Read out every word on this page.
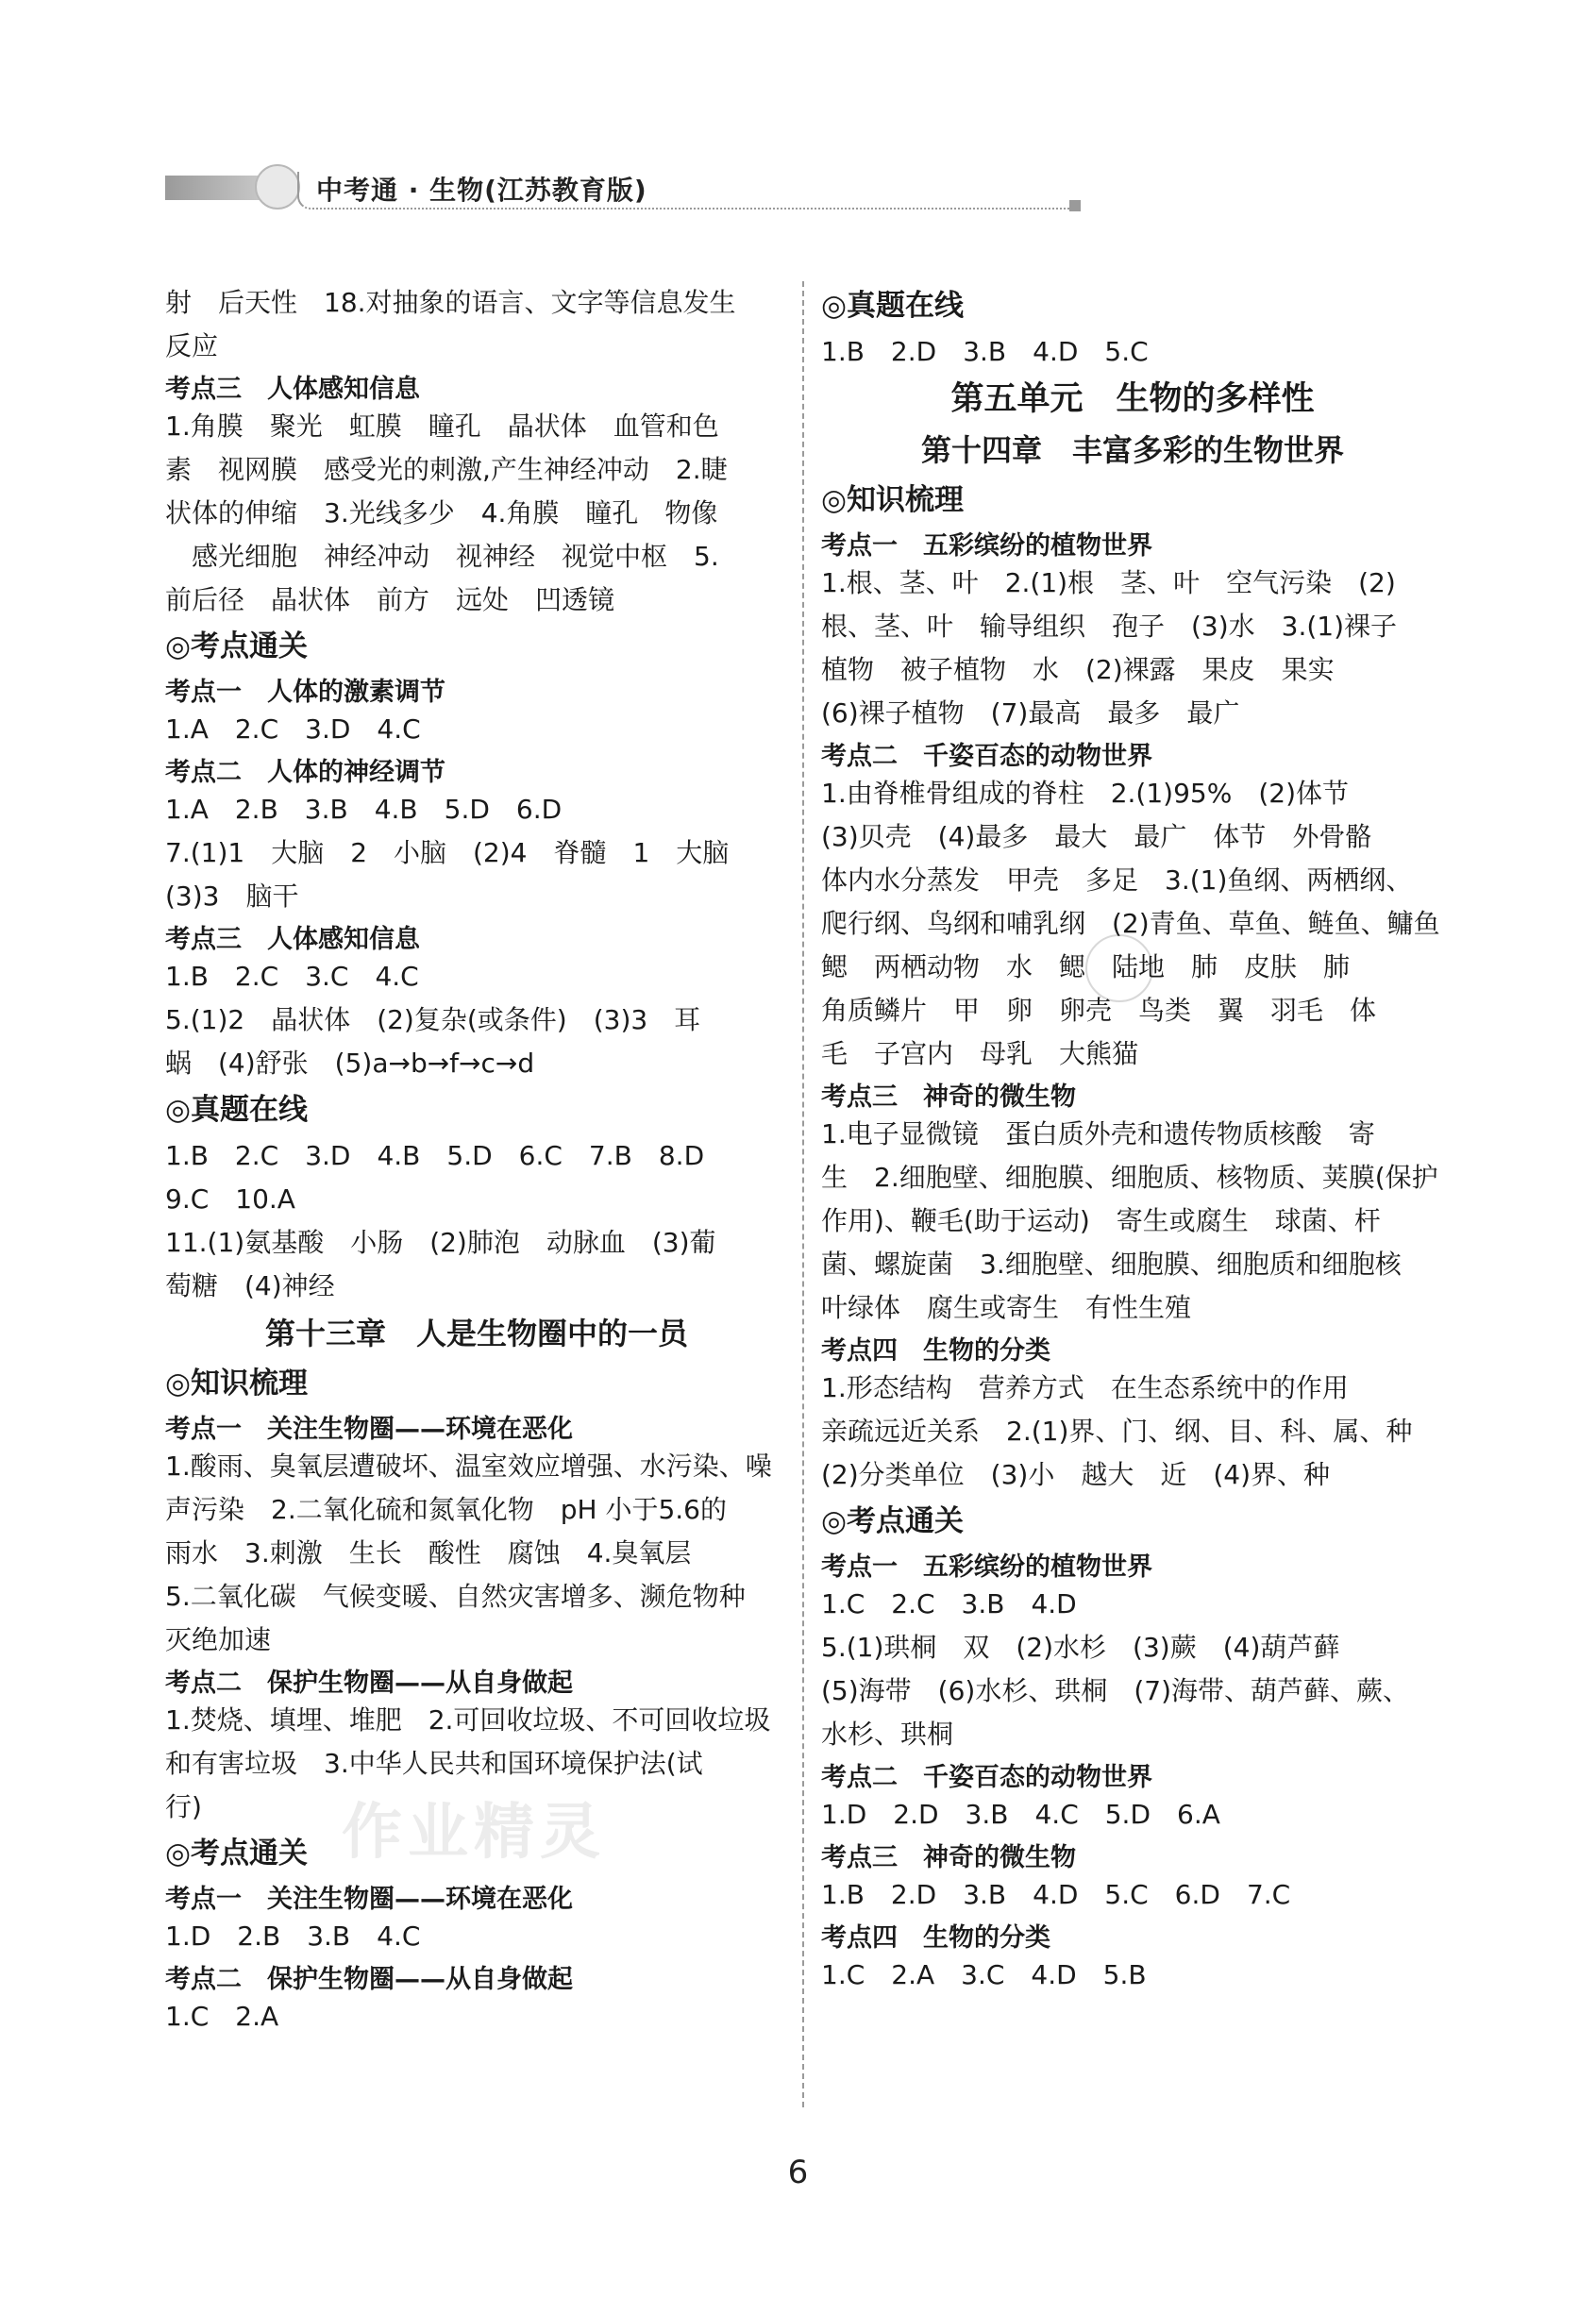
中考通 · 生物(江苏教育版)
作业精灵
射　后天性　18.对抽象的语言、文字等信息发生
反应
考点三　人体感知信息
1.角膜　聚光　虹膜　瞳孔　晶状体　血管和色
素　视网膜　感受光的刺激,产生神经冲动　2.睫
状体的伸缩　3.光线多少　4.角膜　瞳孔　物像
　感光细胞　神经冲动　视神经　视觉中枢　5.
前后径　晶状体　前方　远处　凹透镜
◎考点通关
考点一　人体的激素调节
1.A　2.C　3.D　4.C
考点二　人体的神经调节
1.A　2.B　3.B　4.B　5.D　6.D
7.(1)1　大脑　2　小脑　(2)4　脊髓　1　大脑
(3)3　脑干
考点三　人体感知信息
1.B　2.C　3.C　4.C
5.(1)2　晶状体　(2)复杂(或条件)　(3)3　耳
蜗　(4)舒张　(5)a→b→f→c→d
◎真题在线
1.B　2.C　3.D　4.B　5.D　6.C　7.B　8.D
9.C　10.A
11.(1)氨基酸　小肠　(2)肺泡　动脉血　(3)葡
萄糖　(4)神经
第十三章　人是生物圈中的一员
◎知识梳理
考点一　关注生物圈——环境在恶化
1.酸雨、臭氧层遭破坏、温室效应增强、水污染、噪
声污染　2.二氧化硫和氮氧化物　pH 小于5.6的
雨水　3.刺激　生长　酸性　腐蚀　4.臭氧层
5.二氧化碳　气候变暖、自然灾害增多、濒危物种
灭绝加速
考点二　保护生物圈——从自身做起
1.焚烧、填埋、堆肥　2.可回收垃圾、不可回收垃圾
和有害垃圾　3.中华人民共和国环境保护法(试
行)
◎考点通关
考点一　关注生物圈——环境在恶化
1.D　2.B　3.B　4.C
考点二　保护生物圈——从自身做起
1.C　2.A
◎真题在线
1.B　2.D　3.B　4.D　5.C
第五单元　生物的多样性
第十四章　丰富多彩的生物世界
◎知识梳理
考点一　五彩缤纷的植物世界
1.根、茎、叶　2.(1)根　茎、叶　空气污染　(2)
根、茎、叶　输导组织　孢子　(3)水　3.(1)裸子
植物　被子植物　水　(2)裸露　果皮　果实
(6)裸子植物　(7)最高　最多　最广
考点二　千姿百态的动物世界
1.由脊椎骨组成的脊柱　2.(1)95%　(2)体节
(3)贝壳　(4)最多　最大　最广　体节　外骨骼
体内水分蒸发　甲壳　多足　3.(1)鱼纲、两栖纲、
爬行纲、鸟纲和哺乳纲　(2)青鱼、草鱼、鲢鱼、鳙鱼
鳃　两栖动物　水　鳃　陆地　肺　皮肤　肺
角质鳞片　甲　卵　卵壳　鸟类　翼　羽毛　体
毛　子宫内　母乳　大熊猫
考点三　神奇的微生物
1.电子显微镜　蛋白质外壳和遗传物质核酸　寄
生　2.细胞壁、细胞膜、细胞质、核物质、荚膜(保护
作用)、鞭毛(助于运动)　寄生或腐生　球菌、杆
菌、螺旋菌　3.细胞壁、细胞膜、细胞质和细胞核
叶绿体　腐生或寄生　有性生殖
考点四　生物的分类
1.形态结构　营养方式　在生态系统中的作用
亲疏远近关系　2.(1)界、门、纲、目、科、属、种
(2)分类单位　(3)小　越大　近　(4)界、种
◎考点通关
考点一　五彩缤纷的植物世界
1.C　2.C　3.B　4.D
5.(1)珙桐　双　(2)水杉　(3)蕨　(4)葫芦藓
(5)海带　(6)水杉、珙桐　(7)海带、葫芦藓、蕨、
水杉、珙桐
考点二　千姿百态的动物世界
1.D　2.D　3.B　4.C　5.D　6.A
考点三　神奇的微生物
1.B　2.D　3.B　4.D　5.C　6.D　7.C
考点四　生物的分类
1.C　2.A　3.C　4.D　5.B
6
